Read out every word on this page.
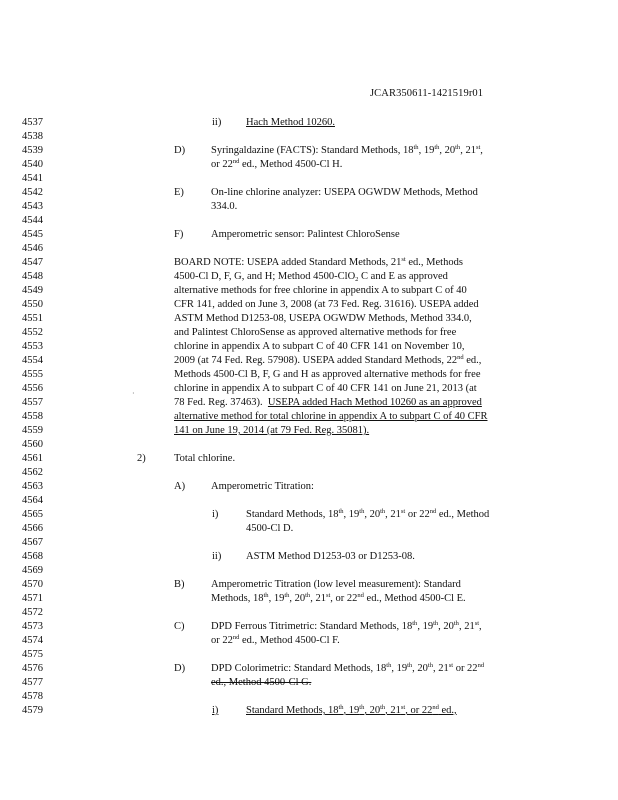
JCAR350611-1421519r01
4537
4538
4539
4540
4541
4542
4543
4544
4545
4546
4547
4548
4549
4550
4551
4552
4553
4554
4555
4556
4557
4558
4559
4560
4561
4562
4563
4564
4565
4566
4567
4568
4569
4570
4571
4572
4573
4574
4575
4576
4577
4578
4579
·
ii) Hach Method 10260.
D) Syringaldazine (FACTS): Standard Methods, 18th, 19th, 20th, 21st,
or 22nd ed., Method 4500-Cl H.
E)	On-line chlorine analyzer: USEPA OGWDW Methods, Method
334.0.
F)	Amperometric sensor: Palintest ChloroSense
BOARD NOTE: USEPA added Standard Methods, 21st ed., Methods
4500-Cl D, F, G, and H; Method 4500-ClO$_2$ C and E as approved
alternative methods for free chlorine in appendix A to subpart C of 40
CFR 141, added on June 3, 2008 (at 73 Fed. Reg. 31616). USEPA added
ASTM Method D1253-08, USEPA OGWDW Methods, Method 334.0,
and Palintest ChloroSense as approved alternative methods for free
chlorine in appendix A to subpart C of 40 CFR 141 on November 10,
2009 (at 74 Fed. Reg. 57908). USEPA added Standard Methods, 22nd ed.,
Methods 4500-Cl B, F, G and H as approved alternative methods for free
chlorine in appendix A to subpart C of 40 CFR 141 on June 21, 2013 (at
78 Fed. Reg. 37463). USEPA added Hach Method 10260 as an approved
alternative method for total chlorine in appendix A to subpart C of 40 CFR
141 on June 19, 2014 (at 79 Fed. Reg. 35081).
2)	Total chlorine.
A) Amperometric Titration:
i)	Standard Methods, 18th, 19th, 20th, 21st or 22nd ed., Method
4500-Cl D.
ii) ASTM Method D1253-03 or D1253-08.
B)	Amperometric Titration (low level measurement): Standard
Methods, 18th, 19th, 20th, 21st, or 22nd ed., Method 4500-Cl E.
C)	DPD Ferrous Titrimetric: Standard Methods, 18th, 19th, 20th, 21st,
or 22nd ed., Method 4500-Cl F.
D) DPD Colorimetric: Standard Methods, 18th, 19th, 20th, 21st or 22nd
ed., Method 4500-Cl G.
i)	Standard Methods, 18th, 19th, 20th, 21st, or 22nd ed.,
